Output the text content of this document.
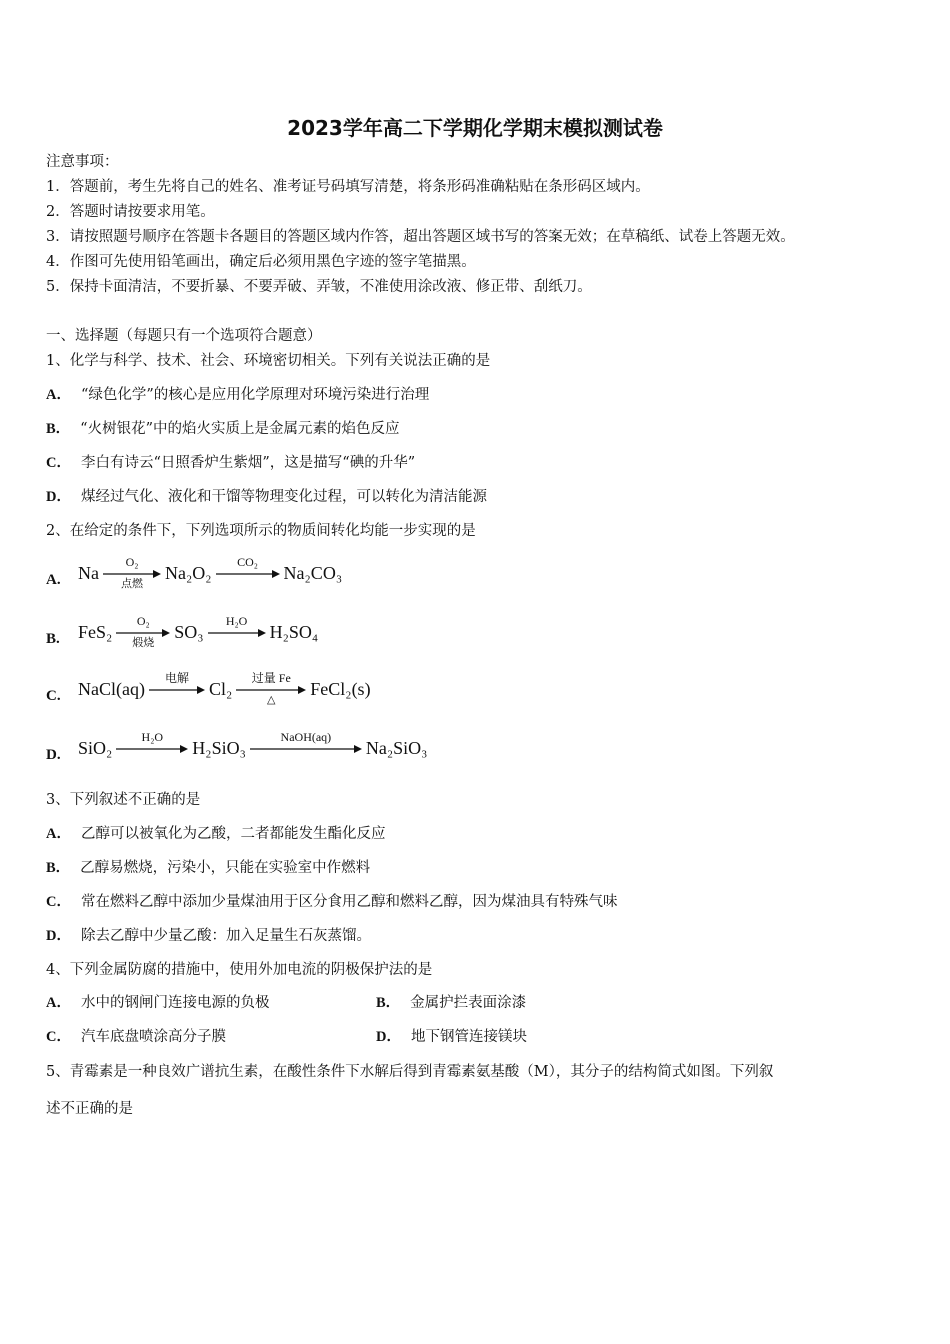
2023学年高二下学期化学期末模拟测试卷
注意事项：
1．答题前，考生先将自己的姓名、准考证号码填写清楚，将条形码准确粘贴在条形码区域内。
2．答题时请按要求用笔。
3．请按照题号顺序在答题卡各题目的答题区域内作答，超出答题区域书写的答案无效；在草稿纸、试卷上答题无效。
4．作图可先使用铅笔画出，确定后必须用黑色字迹的签字笔描黑。
5．保持卡面清洁，不要折暴、不要弄破、弄皱，不准使用涂改液、修正带、刮纸刀。
一、选择题（每题只有一个选项符合题意）
1、化学与科学、技术、社会、环境密切相关。下列有关说法正确的是
A． “绿色化学”的核心是应用化学原理对环境污染进行治理
B． “火树银花”中的焰火实质上是金属元素的焰色反应
C． 李白有诗云“日照香炉生紫烟”，这是描写“碘的升华”
D． 煤经过气化、液化和干馏等物理变化过程，可以转化为清洁能源
2、在给定的条件下，下列选项所示的物质间转化均能一步实现的是
A. Na
O₂
点燃
Na₂O₂
CO₂
Na₂CO₃
B. FeS₂
O₂
煅烧
SO₃
H₂O
H₂SO₄
C. NaCl(aq)
电解
Cl₂
过量 Fe
△
FeCl₂(s)
D. SiO₂
H₂O
H₂SiO₃
NaOH(aq)
Na₂SiO₃
3、下列叙述不正确的是
A． 乙醇可以被氧化为乙酸，二者都能发生酯化反应
B． 乙醇易燃烧，污染小，只能在实验室中作燃料
C． 常在燃料乙醇中添加少量煤油用于区分食用乙醇和燃料乙醇，因为煤油具有特殊气味
D． 除去乙醇中少量乙酸：加入足量生石灰蒸馏。
4、下列金属防腐的措施中，使用外加电流的阴极保护法的是
A． 水中的钢闸门连接电源的负极	B． 金属护拦表面涂漆
C． 汽车底盘喷涂高分子膜	D． 地下钢管连接镁块
5、青霉素是一种良效广谱抗生素，在酸性条件下水解后得到青霉素氨基酸（M），其分子的结构简式如图。下列叙
述不正确的是
